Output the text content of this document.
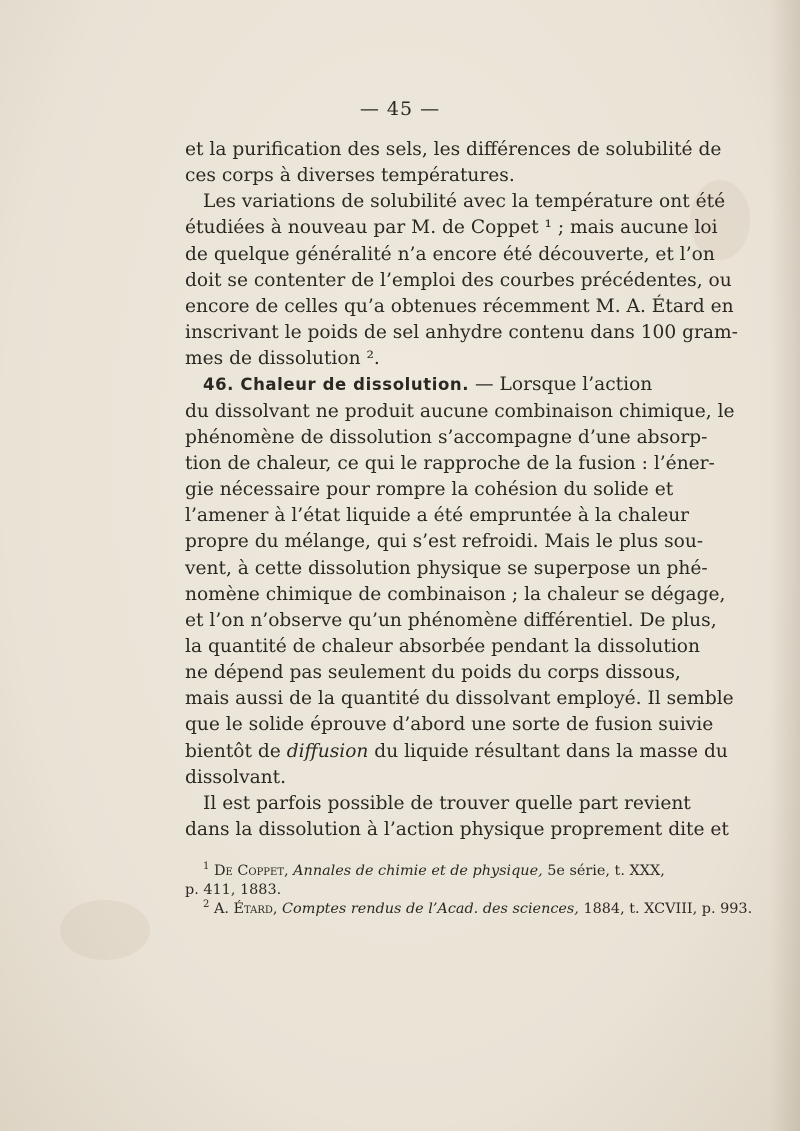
— 45 —

et la purification des sels, les différences de solubilité de
ces corps à diverses températures.

Les variations de solubilité avec la température ont été
étudiées à nouveau par M. de Coppet ¹ ; mais aucune loi
de quelque généralité n’a encore été découverte, et l’on
doit se contenter de l’emploi des courbes précédentes, ou
encore de celles qu’a obtenues récemment M. A. Étard en
inscrivant le poids de sel anhydre contenu dans 100 gram-
mes de dissolution ².

46. Chaleur de dissolution. — Lorsque l’action
du dissolvant ne produit aucune combinaison chimique, le
phénomène de dissolution s’accompagne d’une absorp-
tion de chaleur, ce qui le rapproche de la fusion : l’éner-
gie nécessaire pour rompre la cohésion du solide et
l’amener à l’état liquide a été empruntée à la chaleur
propre du mélange, qui s’est refroidi. Mais le plus sou-
vent, à cette dissolution physique se superpose un phé-
nomène chimique de combinaison ; la chaleur se dégage,
et l’on n’observe qu’un phénomène différentiel. De plus,
la quantité de chaleur absorbée pendant la dissolution
ne dépend pas seulement du poids du corps dissous,
mais aussi de la quantité du dissolvant employé. Il semble
que le solide éprouve d’abord une sorte de fusion suivie
bientôt de diffusion du liquide résultant dans la masse du
dissolvant.

Il est parfois possible de trouver quelle part revient
dans la dissolution à l’action physique proprement dite et

$^1$ De Coppet, Annales de chimie et de physique, 5e série, t. XXX,
p. 411, 1883.
$^2$ A. Étard, Comptes rendus de l’Acad. des sciences, 1884, t. XCVIII, p. 993.
